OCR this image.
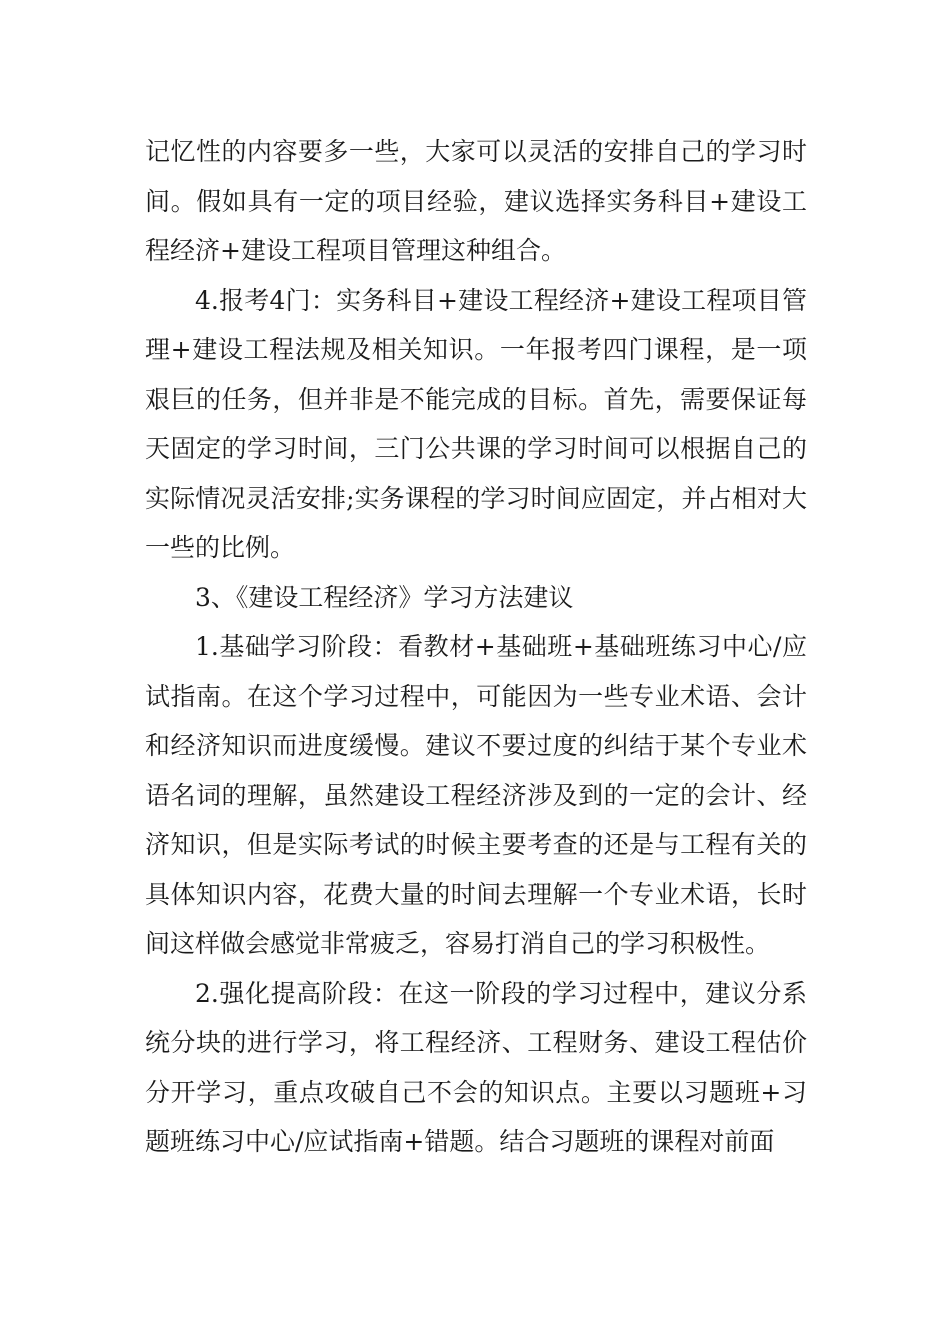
记忆性的内容要多一些，大家可以灵活的安排自己的学习时间。假如具有一定的项目经验，建议选择实务科目+建设工程经济+建设工程项目管理这种组合。

4.报考4门：实务科目+建设工程经济+建设工程项目管理+建设工程法规及相关知识。一年报考四门课程，是一项艰巨的任务，但并非是不能完成的目标。首先，需要保证每天固定的学习时间，三门公共课的学习时间可以根据自己的实际情况灵活安排;实务课程的学习时间应固定，并占相对大一些的比例。

3、《建设工程经济》学习方法建议

1.基础学习阶段：看教材+基础班+基础班练习中心/应试指南。在这个学习过程中，可能因为一些专业术语、会计和经济知识而进度缓慢。建议不要过度的纠结于某个专业术语名词的理解，虽然建设工程经济涉及到的一定的会计、经济知识，但是实际考试的时候主要考查的还是与工程有关的具体知识内容，花费大量的时间去理解一个专业术语，长时间这样做会感觉非常疲乏，容易打消自己的学习积极性。

2.强化提高阶段：在这一阶段的学习过程中，建议分系统分块的进行学习，将工程经济、工程财务、建设工程估价分开学习，重点攻破自己不会的知识点。主要以习题班+习题班练习中心/应试指南+错题。结合习题班的课程对前面
